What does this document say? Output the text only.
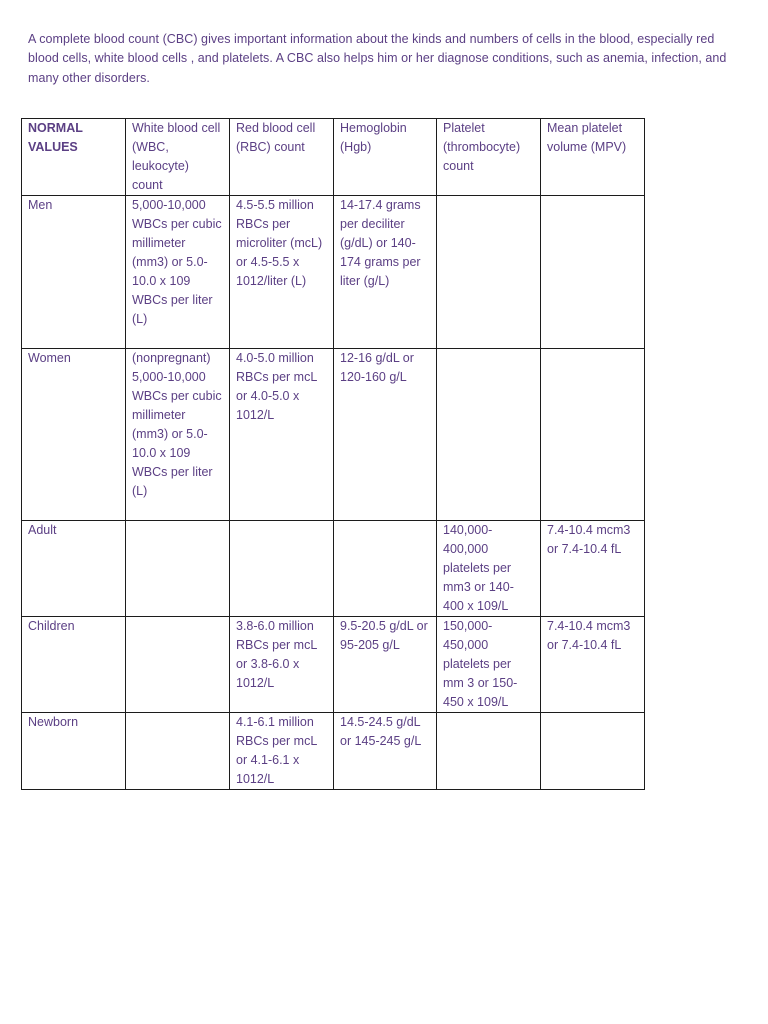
A complete blood count (CBC) gives important information about the kinds and numbers of cells in the blood, especially red blood cells, white blood cells , and platelets. A CBC also helps him or her diagnose conditions, such as anemia, infection, and many other disorders.

NORMAL VALUES	White blood cell (WBC, leukocyte) count	Red blood cell (RBC) count	Hemoglobin (Hgb)	Platelet (thrombocyte) count	Mean platelet volume (MPV)
Men	5,000-10,000 WBCs per cubic millimeter (mm3) or 5.0-10.0 x 109 WBCs per liter (L)	4.5-5.5 million RBCs per microliter (mcL) or 4.5-5.5 x 1012/liter (L)	14-17.4 grams per deciliter (g/dL) or 140-174 grams per liter (g/L)		
Women	(nonpregnant) 5,000-10,000 WBCs per cubic millimeter (mm3) or 5.0-10.0 x 109 WBCs per liter (L)	4.0-5.0 million RBCs per mcL or 4.0-5.0 x 1012/L	12-16 g/dL or 120-160 g/L		
Adult				140,000-400,000 platelets per mm3 or 140-400 x 109/L	7.4-10.4 mcm3 or 7.4-10.4 fL
Children		3.8-6.0 million RBCs per mcL or 3.8-6.0 x 1012/L	9.5-20.5 g/dL or 95-205 g/L	150,000-450,000 platelets per mm 3 or 150-450 x 109/L	7.4-10.4 mcm3 or 7.4-10.4 fL
Newborn		4.1-6.1 million RBCs per mcL or 4.1-6.1 x 1012/L	14.5-24.5 g/dL or 145-245 g/L		
